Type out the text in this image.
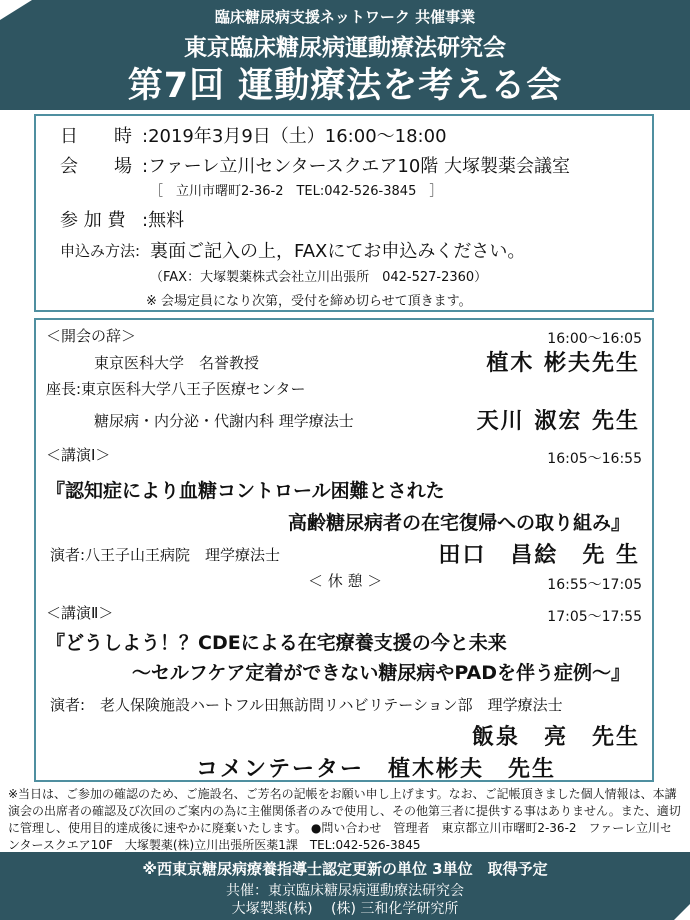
臨床糖尿病支援ネットワーク 共催事業
東京臨床糖尿病運動療法研究会
第7回 運動療法を考える会
日　　時 :2019年3月9日（土）16:00～18:00
会　　場 :ファーレ立川センタースクエア10階 大塚製薬会議室
［　立川市曙町2-36-2　TEL:042-526-3845　］
参 加 費 :無料
申込み方法: 裏面ご記入の上，FAXにてお申込みください。
（FAX：大塚製薬株式会社立川出張所　042-527-2360）
※ 会場定員になり次第，受付を締め切らせて頂きます。
＜開会の辞＞	16:00～16:05
東京医科大学　名誉教授	植木 彬夫先生
座長:東京医科大学八王子医療センター
糖尿病・内分泌・代謝内科 理学療法士	天川 淑宏 先生
＜講演Ⅰ＞	16:05～16:55
『認知症により血糖コントロール困難とされた
高齢糖尿病者の在宅復帰への取り組み』
演者:八王子山王病院　理学療法士	田口　昌絵　先 生
＜ 休 憩 ＞	16:55～17:05
＜講演Ⅱ＞	17:05～17:55
『どうしよう！？CDEによる在宅療養支援の今と未来
～セルフケア定着ができない糖尿病やPADを伴う症例～』
演者:　老人保険施設ハートフル田無訪問リハビリテーション部　理学療法士
飯泉　亮　先生
コメンテーター　植木彬夫　先生
※当日は、ご参加の確認のため、ご施設名、ご芳名の記帳をお願い申し上げます。なお、ご記帳頂きました個人情報は、本講演会の出席者の確認及び次回のご案内の為に主催関係者のみで使用し、その他第三者に提供する事はありません。また、適切に管理し、使用目的達成後に速やかに廃棄いたします。 ●問い合わせ　管理者　東京都立川市曙町2-36-2　ファーレ立川センタースクエア10F　大塚製薬(株)立川出張所医薬1課　TEL:042-526-3845
※西東京糖尿病療養指導士認定更新の単位 3単位　取得予定
共催：東京臨床糖尿病運動療法研究会
大塚製薬(株)　 (株) 三和化学研究所
